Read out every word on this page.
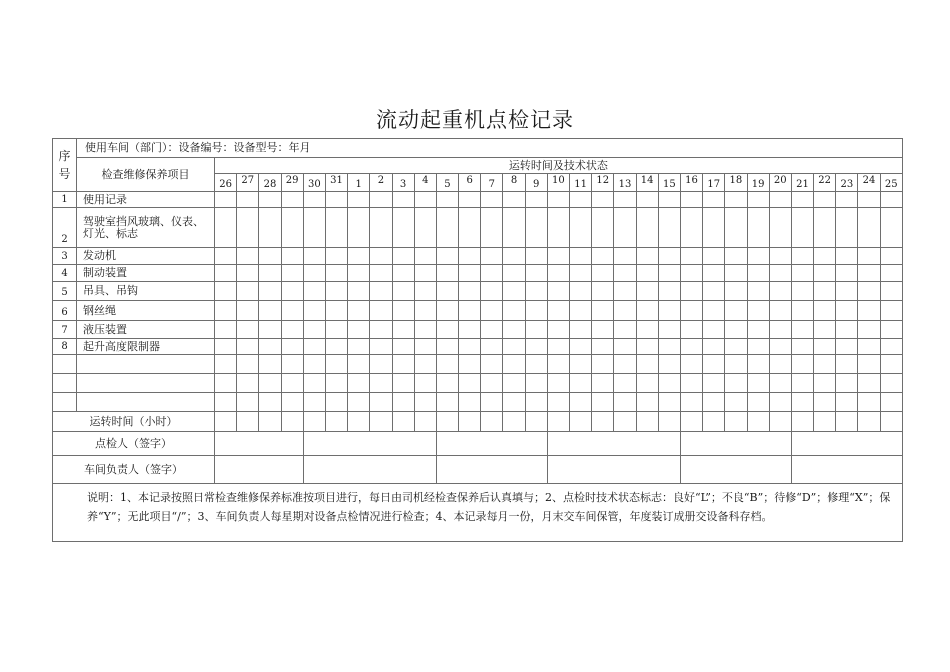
流动起重机点检记录
序号	使用车间（部门）：设备编号：设备型号：年月																															
	检查维修保养项目	运转时间及技术状态																														
		26	27	28	29	30	31	1	2	3	4	5	6	7	8	9	10	11	12	13	14	15	16	17	18	19	20	21	22	23	24	25
1	使用记录																															
2	驾驶室挡风玻璃、仪表、灯光、标志																															
3	发动机																															
4	制动装置																															
5	吊具、吊钩																															
6	钢丝绳																															
7	液压装置																															
8	起升高度限制器																															

运转时间（小时）																																
点检人（签字）																																
车间负责人（签字）																																
说明：1、本记录按照日常检查维修保养标准按项目进行，每日由司机经检查保养后认真填与；2、点检时技术状态标志：良好“L”；不良“B”；待修“D”；修理“X”；保养“Y”；无此项目“/”；3、车间负责人每星期对设备点检情况进行检查；4、本记录每月一份，月末交车间保管，年度装订成册交设备科存档。																																
